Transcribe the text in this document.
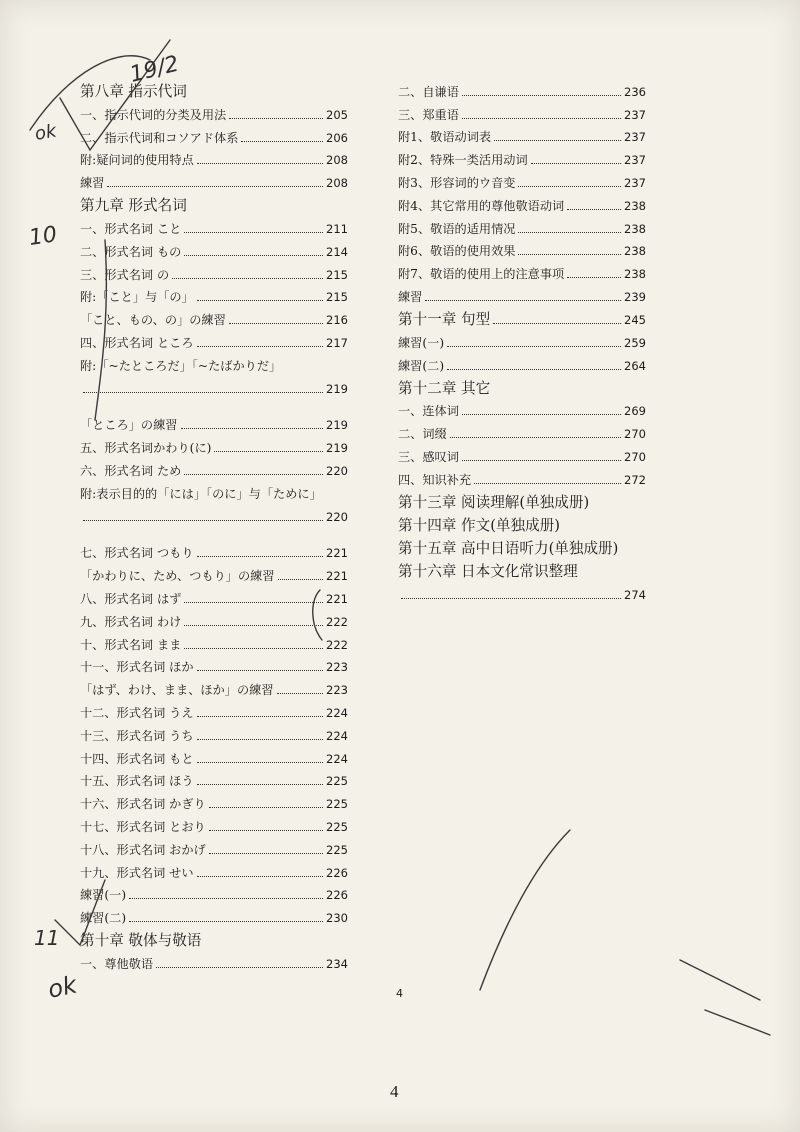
第八章 指示代词
一、指示代词的分类及用法	205
二、指示代词和コソアド体系	206
附:疑问词的使用特点	208
練習	208
第九章 形式名词
一、形式名词 こと	211
二、形式名词 もの	214
三、形式名词 の	215
附:「こと」与「の」	215
「こと、もの、の」の練習	216
四、形式名词 ところ	217
附:「~たところだ」「~たばかりだ」
219
「ところ」の練習	219
五、形式名词かわり(に)	219
六、形式名词 ため	220
附:表示目的的「には」「のに」与「ために」
220
七、形式名词 つもり	221
「かわりに、ため、つもり」の練習	221
八、形式名词 はず	221
九、形式名词 わけ	222
十、形式名词 まま	222
十一、形式名词 ほか	223
「はず、わけ、まま、ほか」の練習	223
十二、形式名词 うえ	224
十三、形式名词 うち	224
十四、形式名词 もと	224
十五、形式名词 ほう	225
十六、形式名词 かぎり	225
十七、形式名词 とおり	225
十八、形式名词 おかげ	225
十九、形式名词 せい	226
練習(一)	226
練習(二)	230
第十章 敬体与敬语
一、尊他敬语	234
二、自谦语	236
三、郑重语	237
附1、敬语动词表	237
附2、特殊一类活用动词	237
附3、形容词的ウ音变	237
附4、其它常用的尊他敬语动词	238
附5、敬语的适用情况	238
附6、敬语的使用效果	238
附7、敬语的使用上的注意事项	238
練習	239
第十一章 句型	245
練習(一)	259
練習(二)	264
第十二章 其它
一、连体词	269
二、词缀	270
三、感叹词	270
四、知识补充	272
第十三章 阅读理解(单独成册)
第十四章 作文(单独成册)
第十五章 高中日语听力(单独成册)
第十六章 日本文化常识整理
274
4
4
19/2
ok
10
11
ok
